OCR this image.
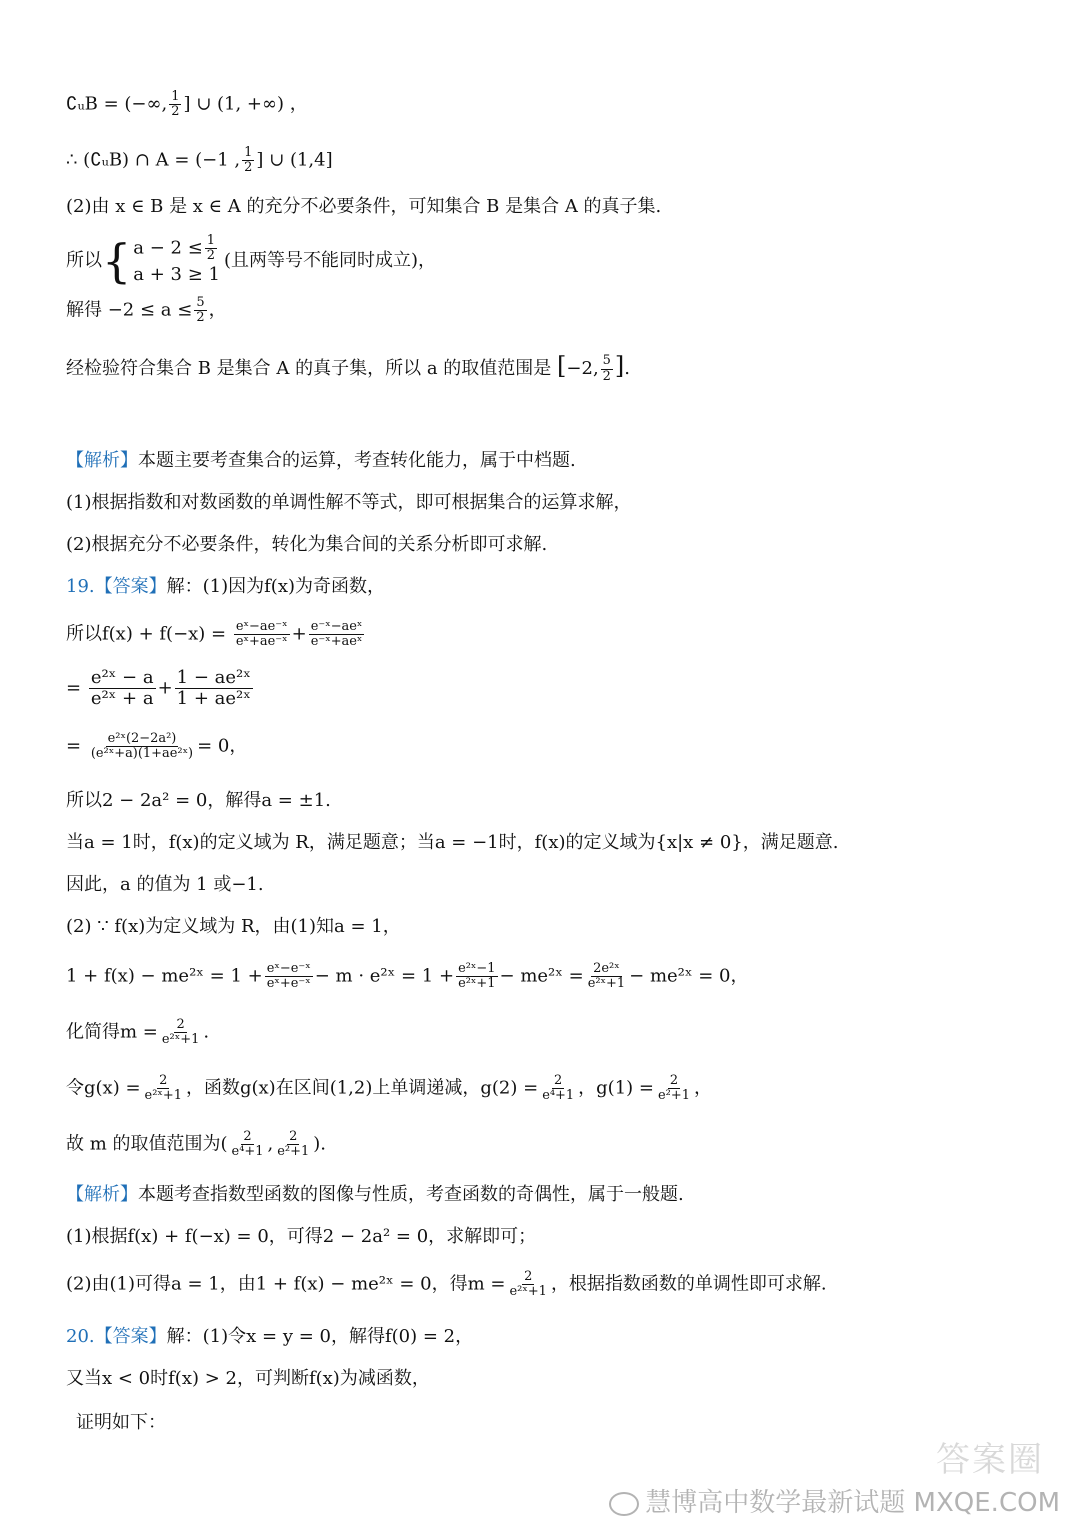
∁ᵤB = (−∞, $\frac{1}{2}$ ] ∪ (1, +∞) ，
∴ (∁ᵤB) ∩ A = (−1 , $\frac{1}{2}$ ] ∪ (1,4]
(2)由 x ∈ B 是 x ∈ A 的充分不必要条件，可知集合 B 是集合 A 的真子集.
所以 { $a - 2 \le \frac{1}{2}$
a + 3 ≥ 1
(且两等号不能同时成立)，
解得 $-2 \le a \le \frac{5}{2}$ ，
经检验符合集合 B 是集合 A 的真子集，所以 a 的取值范围是 [−2, $\frac{5}{2}$ ].
【解析】本题主要考查集合的运算，考查转化能力，属于中档题.
(1)根据指数和对数函数的单调性解不等式，即可根据集合的运算求解，
(2)根据充分不必要条件，转化为集合间的关系分析即可求解.
19.【答案】解：(1)因为f(x)为奇函数，
所以$f(x) + f(-x) = \frac{\text{eˣ−ae⁻ˣ}}{\text{eˣ+ae⁻ˣ}} + \frac{\text{e⁻ˣ−aeˣ}}{\text{e⁻ˣ+aeˣ}}$
= $\frac{\text{e²ˣ − a}}{\text{e²ˣ + a}} + \frac{\text{1 − ae²ˣ}}{\text{1 + ae²ˣ}}$
= $\frac{\text{e²ˣ(2−2a²)}}{\text{(e²ˣ+a)(1+ae²ˣ)}} = 0$，
所以2 − 2a² = 0，解得a = ±1.
当a = 1时，f(x)的定义域为 R，满足题意；当a = −1时，f(x)的定义域为{x|x ≠ 0}，满足题意.
因此，a 的值为 1 或−1.
(2) ∵ f(x)为定义域为 R，由(1)知a = 1，
1 + f(x) − me²ˣ = $1 + \frac{\text{eˣ−e⁻ˣ}}{\text{eˣ+e⁻ˣ}} - m$ · e²ˣ = $1 + \frac{\text{e²ˣ−1}}{\text{e²ˣ+1}}$ − me²ˣ = $\frac{\text{2e²ˣ}}{\text{e²ˣ+1}}$ − me²ˣ = 0，
化简得$m = \frac{2}{\text{e²ˣ+1}}$ .
令$g(x) = \frac{2}{\text{e²ˣ+1}}$ ，函数g(x)在区间(1,2)上单调递减，$g(2) = \frac{2}{\text{e⁴+1}}$ ，$g(1) = \frac{2}{\text{e²+1}}$ ，
故 m 的取值范围为( $\frac{2}{\text{e⁴+1}}$ , $\frac{2}{\text{e²+1}}$ ).
【解析】本题考查指数型函数的图像与性质，考查函数的奇偶性，属于一般题.
(1)根据f(x) + f(−x) = 0，可得2 − 2a² = 0，求解即可；
(2)由(1)可得a = 1，由1 + f(x) − me²ˣ = 0，得$m = \frac{2}{\text{e²ˣ+1}}$ ，根据指数函数的单调性即可求解.
20.【答案】解：(1)令x = y = 0，解得f(0) = 2，
又当x < 0时f(x) > 2，可判断f(x)为减函数，
证明如下：
答案圈
慧博高中数学最新试题 MXQE.COM
